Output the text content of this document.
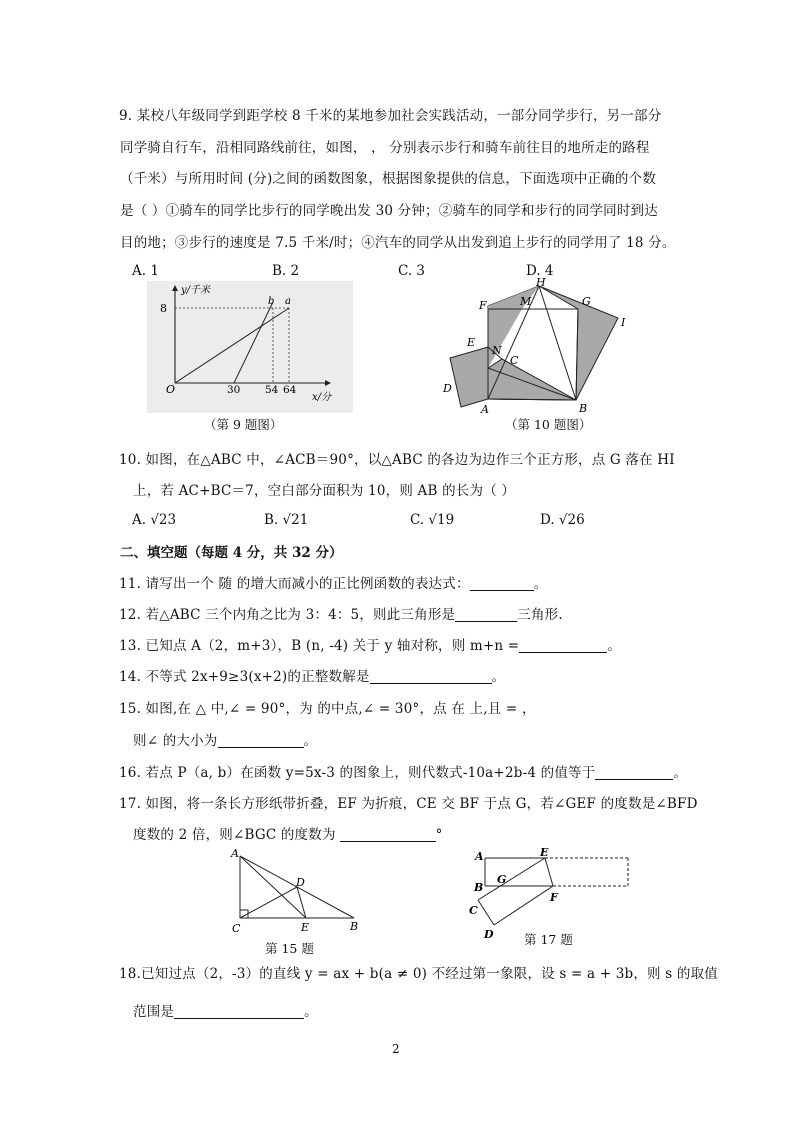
9. 某校八年级同学到距学校 8 千米的某地参加社会实践活动，一部分同学步行，另一部分
同学骑自行车，沿相同路线前往，如图， ， 分别表示步行和骑车前往目的地所走的路程
（千米）与所用时间 (分)之间的函数图象，根据图象提供的信息，下面选项中正确的个数
是（ ）①骑车的同学比步行的同学晚出发 30 分钟；②骑车的同学和步行的同学同时到达
目的地；③步行的速度是 7.5 千米/时；④汽车的同学从出发到追上步行的同学用了 18 分。
A. 1	B. 2	C. 3	D. 4
y/千米
8
O	30 54 64
x/分
b a
（第 9 题图）
A	B
C
D
E
F	G
H
I
M
N
（第 10 题图）
10. 如图，在△ABC 中，∠ACB＝90°，以△ABC 的各边为边作三个正方形，点 G 落在 HI
上，若 AC+BC＝7，空白部分面积为 10，则 AB 的长为（ ）
A. √23	B. √21	C. √19	D. √26
二、填空题（每题 4 分，共 32 分）
11. 请写出一个 随 的增大而减小的正比例函数的表达式：	。
12. 若△ABC 三个内角之比为 3：4：5，则此三角形是	三角形.
13. 已知点 A（2，m+3），B (n, -4) 关于 y 轴对称，则 m+n =	。
14. 不等式 2x+9≥3(x+2)的正整数解是	。
15. 如图,在 △ 中,∠ = 90°，为 的中点,∠ = 30°，点 在 上,且 = ，
则∠ 的大小为	。
16. 若点 P（a, b）在函数 y=5x-3 的图象上，则代数式-10a+2b-4 的值等于	。
17. 如图，将一条长方形纸带折叠，EF 为折痕，CE 交 BF 于点 G，若∠GEF 的度数是∠BFD
度数的 2 倍，则∠BGC 的度数为	°
A
B
C
D
E
第 15 题
A
B
C
D
E
F
G
第 17 题
18.已知过点（2，-3）的直线 y = ax + b(a ≠ 0) 不经过第一象限，设 s = a + 3b，则 s 的取值
范围是	。
2
